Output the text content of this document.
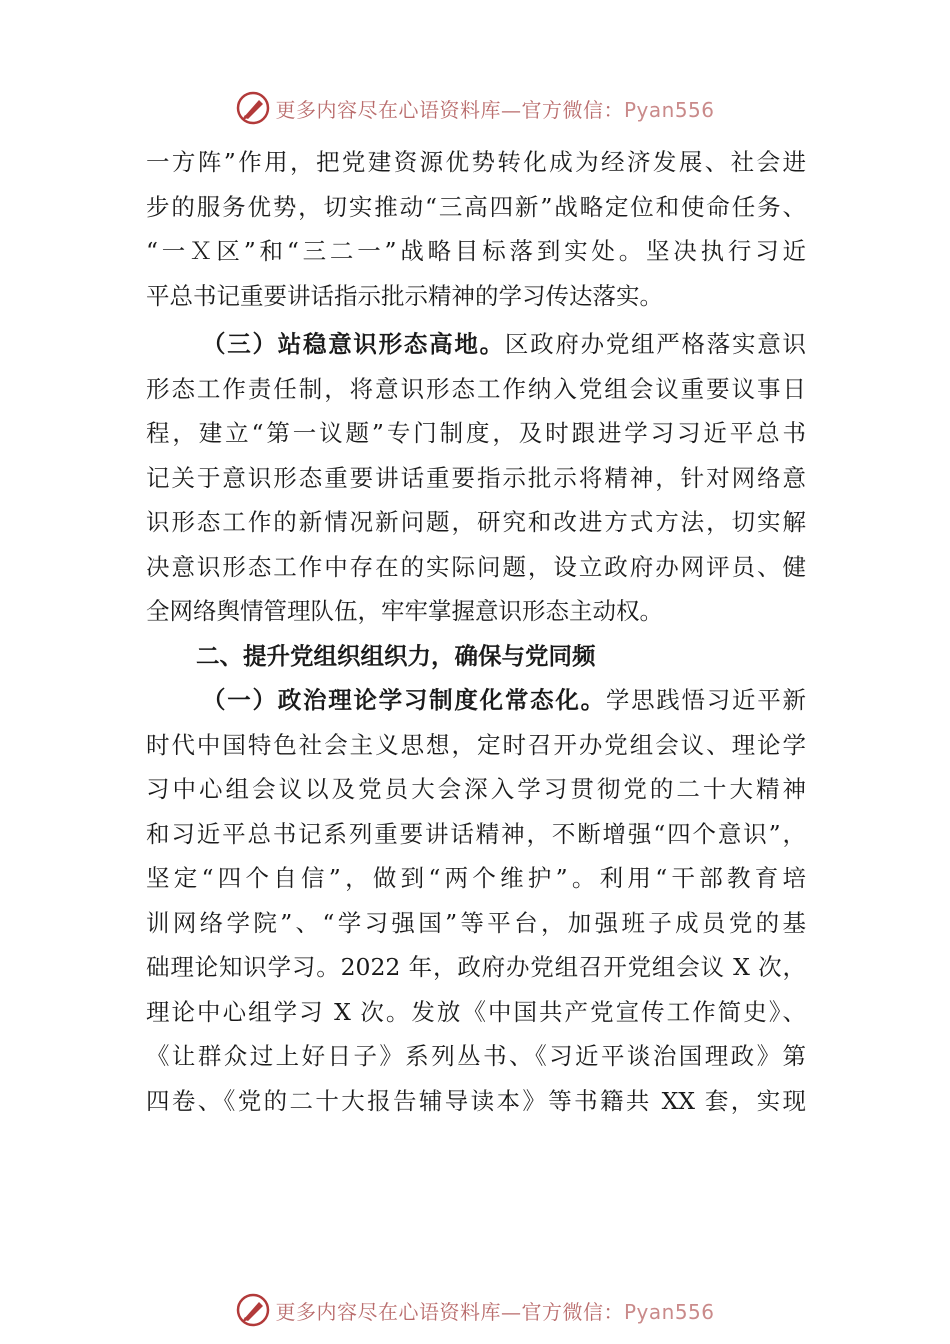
更多内容尽在心语资料库—官方微信：Pyan556
一方阵”作用，把党建资源优势转化成为经济发展、社会进
步的服务优势，切实推动“三高四新”战略定位和使命任务、
“一Ｘ区”和“三二一”战略目标落到实处。坚决执行习近
平总书记重要讲话指示批示精神的学习传达落实。
（三）站稳意识形态高地。区政府办党组严格落实意识
形态工作责任制，将意识形态工作纳入党组会议重要议事日
程，建立“第一议题”专门制度，及时跟进学习习近平总书
记关于意识形态重要讲话重要指示批示将精神，针对网络意
识形态工作的新情况新问题，研究和改进方式方法，切实解
决意识形态工作中存在的实际问题，设立政府办网评员、健
全网络舆情管理队伍，牢牢掌握意识形态主动权。
二、提升党组织组织力，确保与党同频
（一）政治理论学习制度化常态化。学思践悟习近平新
时代中国特色社会主义思想，定时召开办党组会议、理论学
习中心组会议以及党员大会深入学习贯彻党的二十大精神
和习近平总书记系列重要讲话精神，不断增强“四个意识”，
坚定“四个自信”，做到“两个维护”。利用“干部教育培
训网络学院”、“学习强国”等平台，加强班子成员党的基
础理论知识学习。2022 年，政府办党组召开党组会议 X 次，
理论中心组学习 X 次。发放《中国共产党宣传工作简史》、
《让群众过上好日子》系列丛书、《习近平谈治国理政》第
四卷、《党的二十大报告辅导读本》等书籍共 XX 套，实现
更多内容尽在心语资料库—官方微信：Pyan556
